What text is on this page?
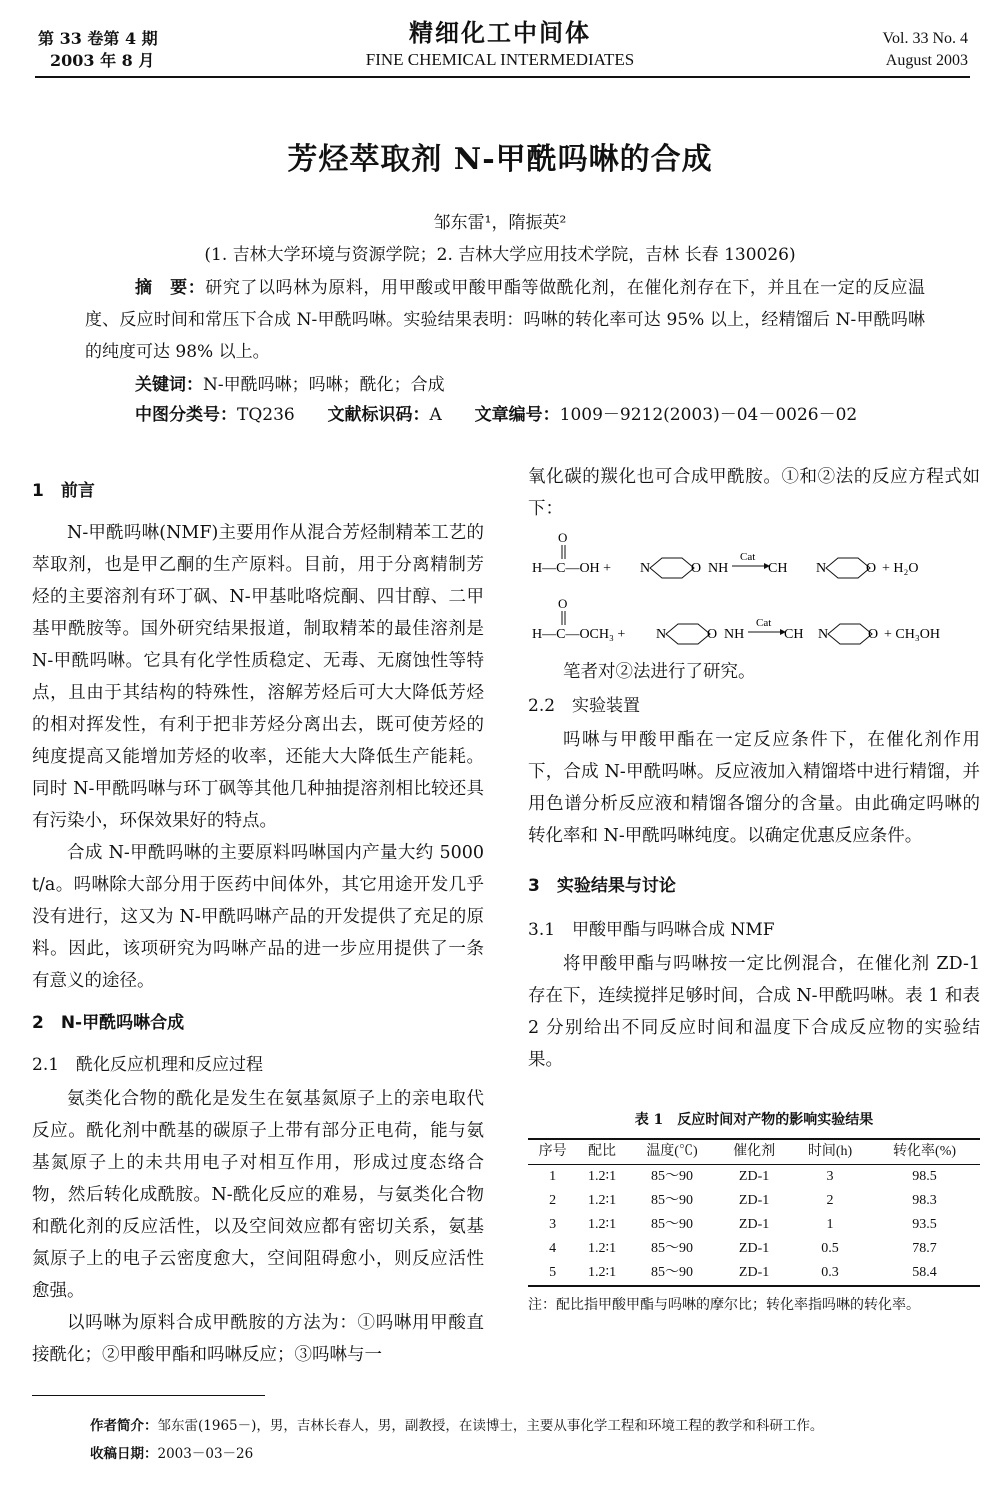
第 33 卷第 4 期
2003 年 8 月
精细化工中间体
FINE CHEMICAL INTERMEDIATES
Vol. 33 No. 4
August 2003
芳烃萃取剂 N-甲酰吗啉的合成
邹东雷¹，隋振英²
(1. 吉林大学环境与资源学院；2. 吉林大学应用技术学院，吉林 长春 130026)

摘　要：研究了以吗林为原料，用甲酸或甲酸甲酯等做酰化剂，在催化剂存在下，并且在一定的反应温度、反应时间和常压下合成 N-甲酰吗啉。实验结果表明：吗啉的转化率可达 95% 以上，经精馏后 N-甲酰吗啉的纯度可达 98% 以上。

关键词：N-甲酰吗啉；吗啉；酰化；合成
中图分类号：TQ236 文献标识码：A 文章编号：1009－9212(2003)－04－0026－02
1　前言

N-甲酰吗啉(NMF)主要用作从混合芳烃制精苯工艺的萃取剂，也是甲乙酮的生产原料。目前，用于分离精制芳烃的主要溶剂有环丁砜、N-甲基吡咯烷酮、四甘醇、二甲基甲酰胺等。国外研究结果报道，制取精苯的最佳溶剂是 N-甲酰吗啉。它具有化学性质稳定、无毒、无腐蚀性等特点，且由于其结构的特殊性，溶解芳烃后可大大降低芳烃的相对挥发性，有利于把非芳烃分离出去，既可使芳烃的纯度提高又能增加芳烃的收率，还能大大降低生产能耗。同时 N-甲酰吗啉与环丁砜等其他几种抽提溶剂相比较还具有污染小，环保效果好的特点。

合成 N-甲酰吗啉的主要原料吗啉国内产量大约 5000 t/a。吗啉除大部分用于医药中间体外，其它用途开发几乎没有进行，这又为 N-甲酰吗啉产品的开发提供了充足的原料。因此，该项研究为吗啉产品的进一步应用提供了一条有意义的途径。

2　N-甲酰吗啉合成
2.1　酰化反应机理和反应过程

氨类化合物的酰化是发生在氨基氮原子上的亲电取代反应。酰化剂中酰基的碳原子上带有部分正电荷，能与氨基氮原子上的未共用电子对相互作用，形成过度态络合物，然后转化成酰胺。N-酰化反应的难易，与氨类化合物和酰化剂的反应活性，以及空间效应都有密切关系，氨基氮原子上的电子云密度愈大，空间阻碍愈小，则反应活性愈强。

以吗啉为原料合成甲酰胺的方法为：①吗啉用甲酸直接酰化；②甲酸甲酯和吗啉反应；③吗啉与一

氧化碳的羰化也可合成甲酰胺。①和②法的反应方程式如下：

O
H—C—OH + N	O NH
Cat
CH N	O + H₂O
O
H—C—OCH₃ + N	O NH
Cat
CH N	O + CH₃OH

笔者对②法进行了研究。

2.2　实验装置

吗啉与甲酸甲酯在一定反应条件下，在催化剂作用下，合成 N-甲酰吗啉。反应液加入精馏塔中进行精馏，并用色谱分析反应液和精馏各馏分的含量。由此确定吗啉的转化率和 N-甲酰吗啉纯度。以确定优惠反应条件。

3　实验结果与讨论
3.1　甲酸甲酯与吗啉合成 NMF

将甲酸甲酯与吗啉按一定比例混合，在催化剂 ZD-1 存在下，连续搅拌足够时间，合成 N-甲酰吗啉。表 1 和表 2 分别给出不同反应时间和温度下合成反应物的实验结果。

表 1　反应时间对产物的影响实验结果
序号	配比	温度(℃)	催化剂	时间(h)	转化率(%)
1	1.2∶1	85～90	ZD-1	3	98.5
2	1.2∶1	85～90	ZD-1	2	98.3
3	1.2∶1	85～90	ZD-1	1	93.5
4	1.2∶1	85～90	ZD-1	0.5	78.7
5	1.2∶1	85～90	ZD-1	0.3	58.4
注：配比指甲酸甲酯与吗啉的摩尔比；转化率指吗啉的转化率。
作者简介：邹东雷(1965－)，男，吉林长春人，男，副教授，在读博士，主要从事化学工程和环境工程的教学和科研工作。
收稿日期：2003－03－26
